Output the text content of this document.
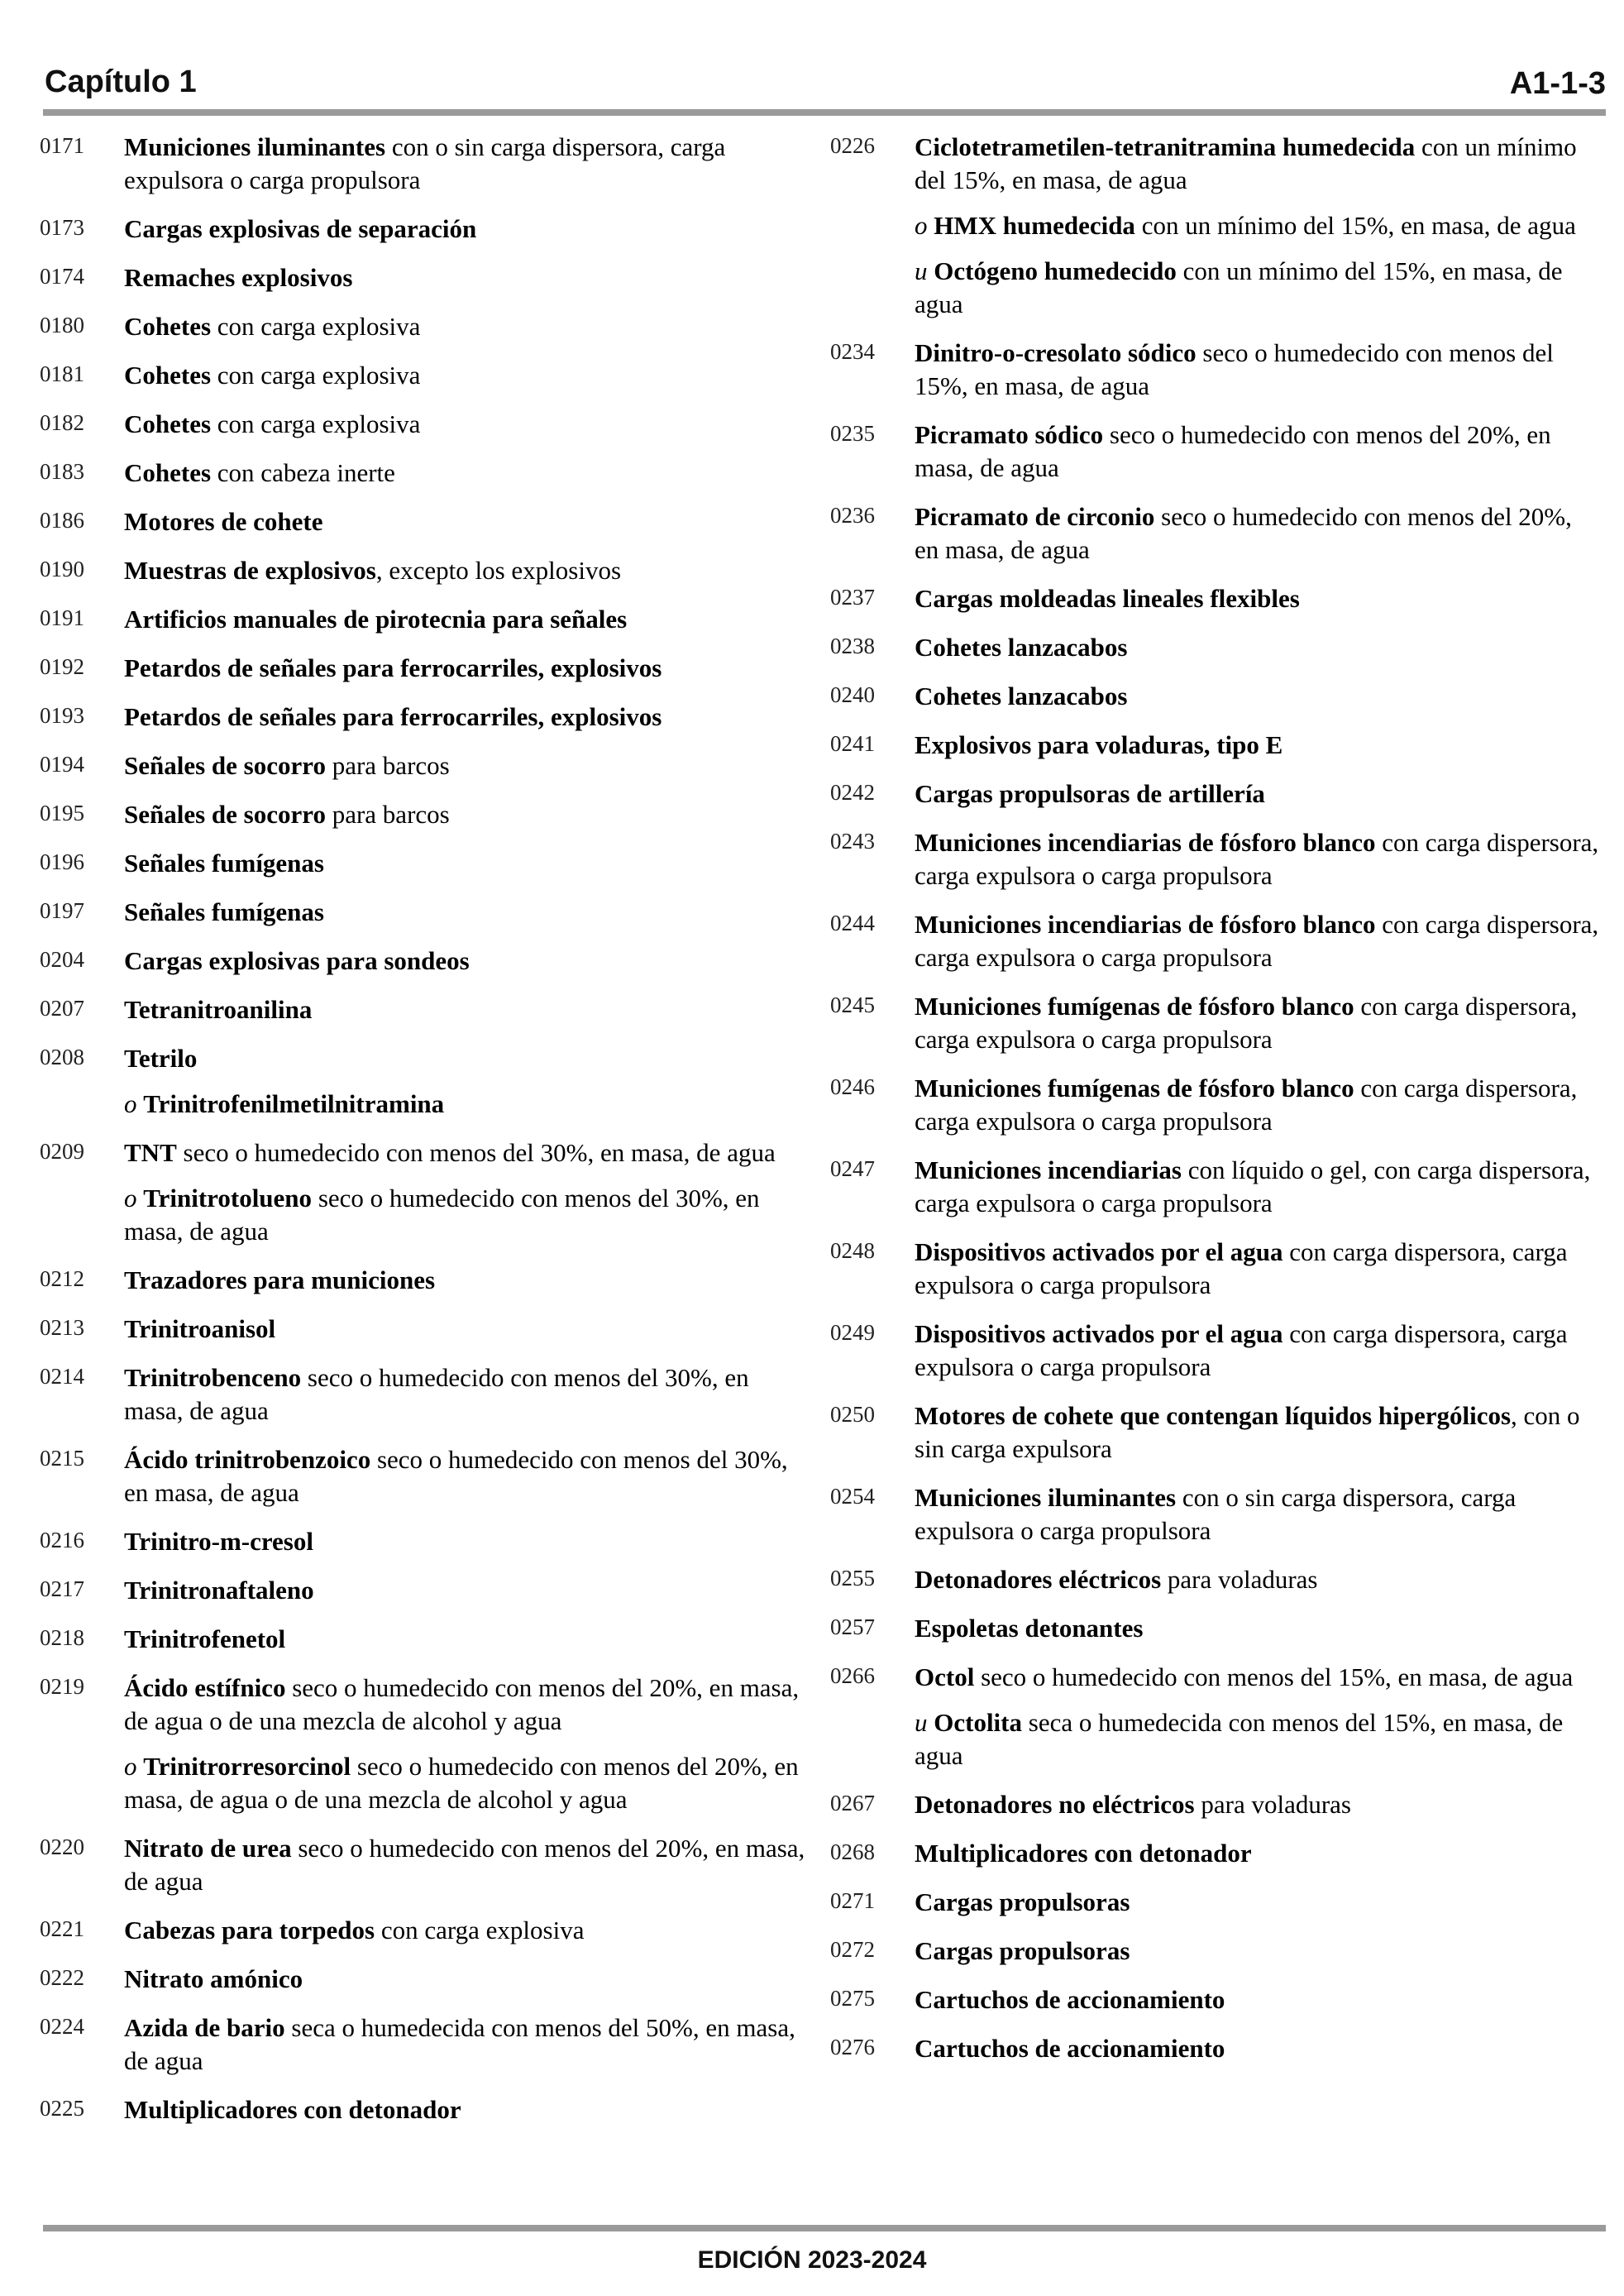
Capítulo 1	A1-1-3
0171	Municiones iluminantes con o sin carga dispersora, carga expulsora o carga propulsora
0173	Cargas explosivas de separación
0174	Remaches explosivos
0180	Cohetes con carga explosiva
0181	Cohetes con carga explosiva
0182	Cohetes con carga explosiva
0183	Cohetes con cabeza inerte
0186	Motores de cohete
0190	Muestras de explosivos, excepto los explosivos
0191	Artificios manuales de pirotecnia para señales
0192	Petardos de señales para ferrocarriles, explosivos
0193	Petardos de señales para ferrocarriles, explosivos
0194	Señales de socorro para barcos
0195	Señales de socorro para barcos
0196	Señales fumígenas
0197	Señales fumígenas
0204	Cargas explosivas para sondeos
0207	Tetranitroanilina
0208	Tetrilo
o Trinitrofenilmetilnitramina
0209	TNT seco o humedecido con menos del 30%, en masa, de agua
o Trinitrotolueno seco o humedecido con menos del 30%, en masa, de agua
0212	Trazadores para municiones
0213	Trinitroanisol
0214	Trinitrobenceno seco o humedecido con menos del 30%, en masa, de agua
0215	Ácido trinitrobenzoico seco o humedecido con menos del 30%, en masa, de agua
0216	Trinitro-m-cresol
0217	Trinitronaftaleno
0218	Trinitrofenetol
0219	Ácido estífnico seco o humedecido con menos del 20%, en masa, de agua o de una mezcla de alcohol y agua
o Trinitrorresorcinol seco o humedecido con menos del 20%, en masa, de agua o de una mezcla de alcohol y agua
0220	Nitrato de urea seco o humedecido con menos del 20%, en masa, de agua
0221	Cabezas para torpedos con carga explosiva
0222	Nitrato amónico
0224	Azida de bario seca o humedecida con menos del 50%, en masa, de agua
0225	Multiplicadores con detonador
0226	Ciclotetrametilen-tetranitramina humedecida con un mínimo del 15%, en masa, de agua
o HMX humedecida con un mínimo del 15%, en masa, de agua
u Octógeno humedecido con un mínimo del 15%, en masa, de agua
0234	Dinitro-o-cresolato sódico seco o humedecido con menos del 15%, en masa, de agua
0235	Picramato sódico seco o humedecido con menos del 20%, en masa, de agua
0236	Picramato de circonio seco o humedecido con menos del 20%, en masa, de agua
0237	Cargas moldeadas lineales flexibles
0238	Cohetes lanzacabos
0240	Cohetes lanzacabos
0241	Explosivos para voladuras, tipo E
0242	Cargas propulsoras de artillería
0243	Municiones incendiarias de fósforo blanco con carga dispersora, carga expulsora o carga propulsora
0244	Municiones incendiarias de fósforo blanco con carga dispersora, carga expulsora o carga propulsora
0245	Municiones fumígenas de fósforo blanco con carga dispersora, carga expulsora o carga propulsora
0246	Municiones fumígenas de fósforo blanco con carga dispersora, carga expulsora o carga propulsora
0247	Municiones incendiarias con líquido o gel, con carga dispersora, carga expulsora o carga propulsora
0248	Dispositivos activados por el agua con carga dispersora, carga expulsora o carga propulsora
0249	Dispositivos activados por el agua con carga dispersora, carga expulsora o carga propulsora
0250	Motores de cohete que contengan líquidos hipergólicos, con o sin carga expulsora
0254	Municiones iluminantes con o sin carga dispersora, carga expulsora o carga propulsora
0255	Detonadores eléctricos para voladuras
0257	Espoletas detonantes
0266	Octol seco o humedecido con menos del 15%, en masa, de agua
u Octolita seca o humedecida con menos del 15%, en masa, de agua
0267	Detonadores no eléctricos para voladuras
0268	Multiplicadores con detonador
0271	Cargas propulsoras
0272	Cargas propulsoras
0275	Cartuchos de accionamiento
0276	Cartuchos de accionamiento
EDICIÓN 2023-2024
